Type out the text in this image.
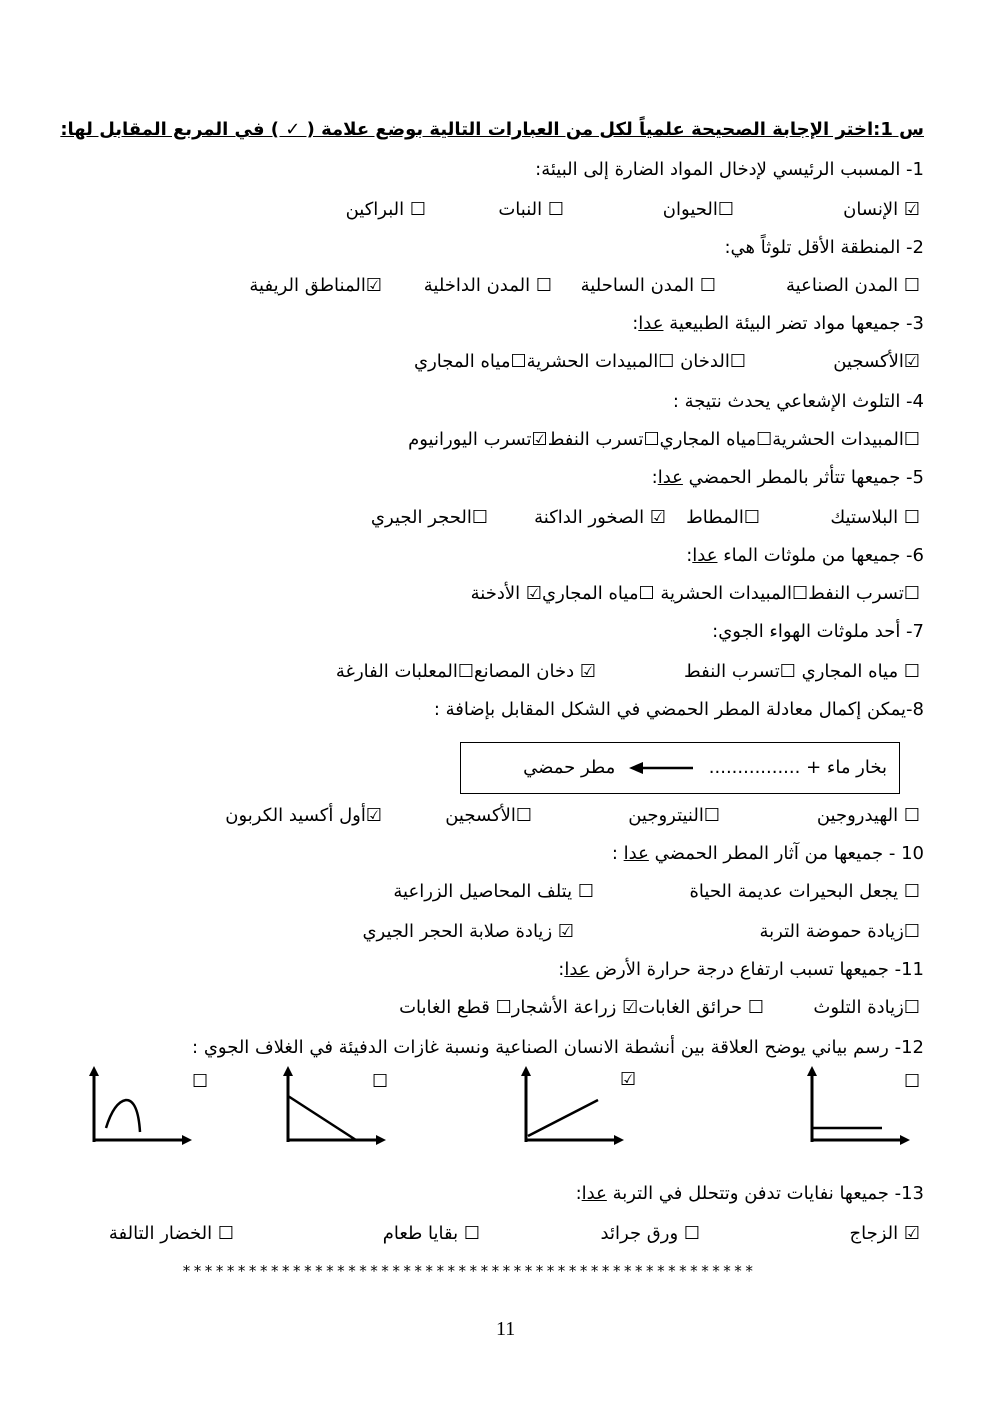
س 1:اختر الإجابة الصحيحة علمياً لكل من العبارات التالية بوضع علامة ( ✓ ) في المربع المقابل لها:
1- المسبب الرئيسي لإدخال المواد الضارة إلى البيئة:
☑ الإنسان
☐الحيوان
☐ النبات
☐ البراكين
2- المنطقة الأقل تلوثاً هي:
☐ المدن الصناعية
☐ المدن الساحلية
☐ المدن الداخلية
☑المناطق الريفية
3- جميعها مواد تضر البيئة الطبيعية عدا:
☑الأكسجين
☐الدخان ☐المبيدات الحشرية☐مياه المجاري
4- التلوث الإشعاعي يحدث نتيجة :
☐المبيدات الحشرية☐مياه المجاري☐تسرب النفط☑تسرب اليورانيوم
5- جميعها تتأثر بالمطر الحمضي عدا:
☐ البلاستيك
☐المطاط
☑ الصخور الداكنة
☐الحجر الجيري
6- جميعها من ملوثات الماء عدا:
☐تسرب النفط☐المبيدات الحشرية ☐مياه المجاري☑ الأدخنة
7- أحد ملوثات الهواء الجوي:
☐ مياه المجاري ☐تسرب النفط
☑ دخان المصانع☐المعلبات الفارغة
8-يمكن إكمال معادلة المطر الحمضي في الشكل المقابل بإضافة :
بخار ماء + ................  مطر حمضي
☐ الهيدروجين
☐النيتروجين
☐الأكسجين
☑أول أكسيد الكربون
10 - جميعها من آثار المطر الحمضي عدا :
☐ يجعل البحيرات عديمة الحياة
☐ يتلف المحاصيل الزراعية
☐زيادة حموضة التربة
☑ زيادة صلابة الحجر الجيري
11- جميعها تسبب ارتفاع درجة حرارة الأرض عدا:
☐زيادة التلوث
☐ حرائق الغابات☑ زراعة الأشجار☐ قطع الغابات
12- رسم بياني يوضح العلاقة بين أنشطة الانسان الصناعية ونسبة غازات الدفيئة في الغلاف الجوي :
☐	☑
☐	☐
13- جميعها نفايات تدفن وتتحلل في التربة عدا:
☑ الزجاج
☐ ورق جرائد
☐ بقايا طعام
☐ الخضار التالفة
****************************************************
11
